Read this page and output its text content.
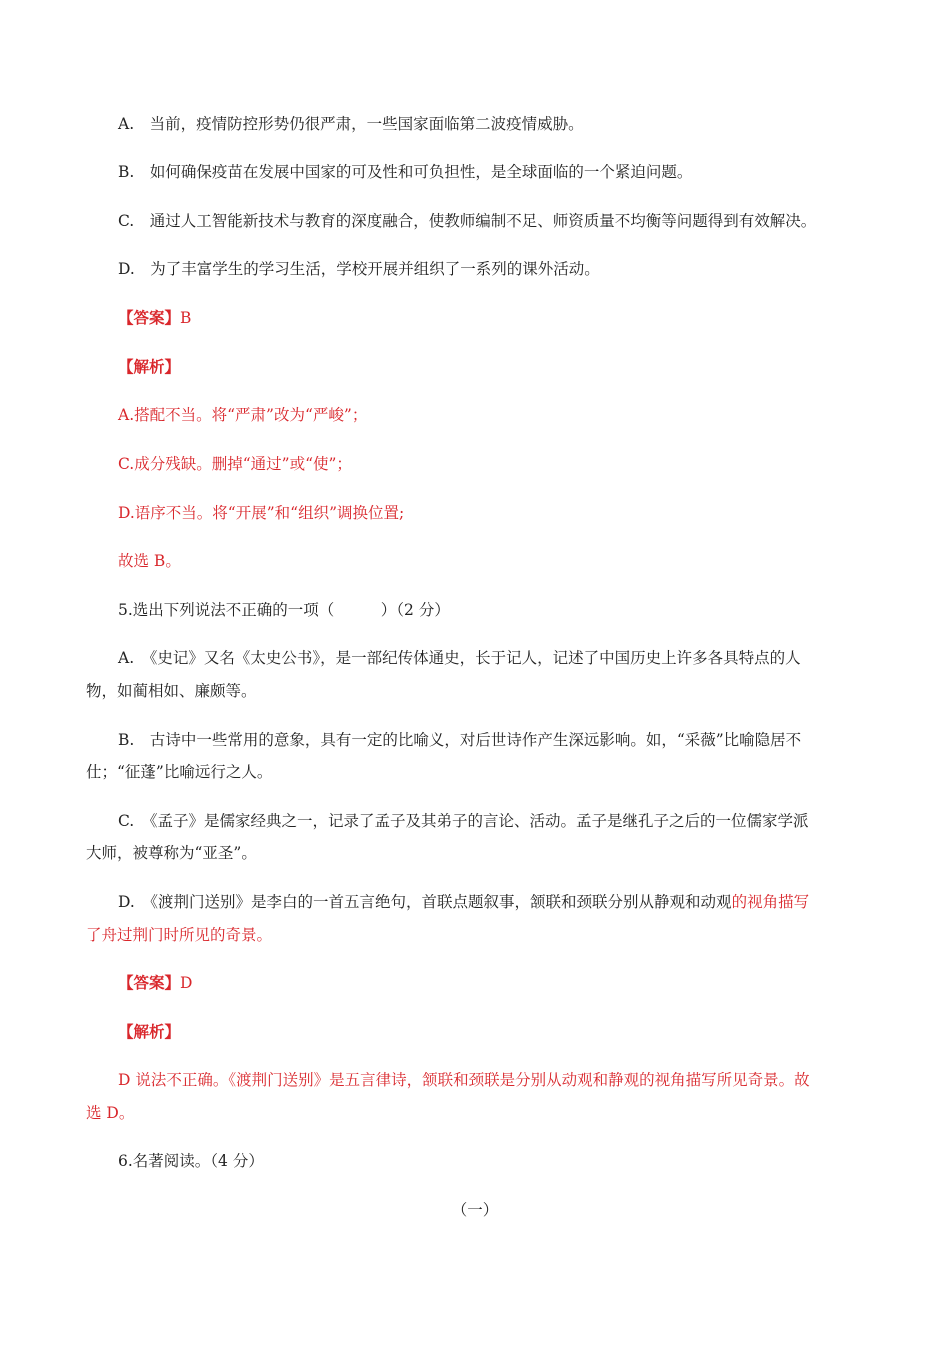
A.　当前，疫情防控形势仍很严肃，一些国家面临第二波疫情威胁。
B.　如何确保疫苗在发展中国家的可及性和可负担性，是全球面临的一个紧迫问题。
C.　通过人工智能新技术与教育的深度融合，使教师编制不足、师资质量不均衡等问题得到有效解决。
D.　为了丰富学生的学习生活，学校开展并组织了一系列的课外活动。
【答案】B
【解析】
A.搭配不当。将“严肃”改为“严峻”；
C.成分残缺。删掉“通过”或“使”；
D.语序不当。将“开展”和“组织”调换位置;
故选 B。
5.选出下列说法不正确的一项（　　　）（2 分）
A.　《史记》又名《太史公书》，是一部纪传体通史，长于记人，记述了中国历史上许多各具特点的人
物，如蔺相如、廉颇等。
B.　古诗中一些常用的意象，具有一定的比喻义，对后世诗作产生深远影响。如，“采薇”比喻隐居不
仕；“征蓬”比喻远行之人。
C.　《孟子》是儒家经典之一，记录了孟子及其弟子的言论、活动。孟子是继孔子之后的一位儒家学派
大师，被尊称为“亚圣”。
D.　《渡荆门送别》是李白的一首五言绝句，首联点题叙事，颔联和颈联分别从静观和动观的视角描写
了舟过荆门时所见的奇景。
【答案】D
【解析】
D 说法不正确。《渡荆门送别》是五言律诗，颔联和颈联是分别从动观和静观的视角描写所见奇景。故
选 D。
6.名著阅读。（4 分）
（一）
